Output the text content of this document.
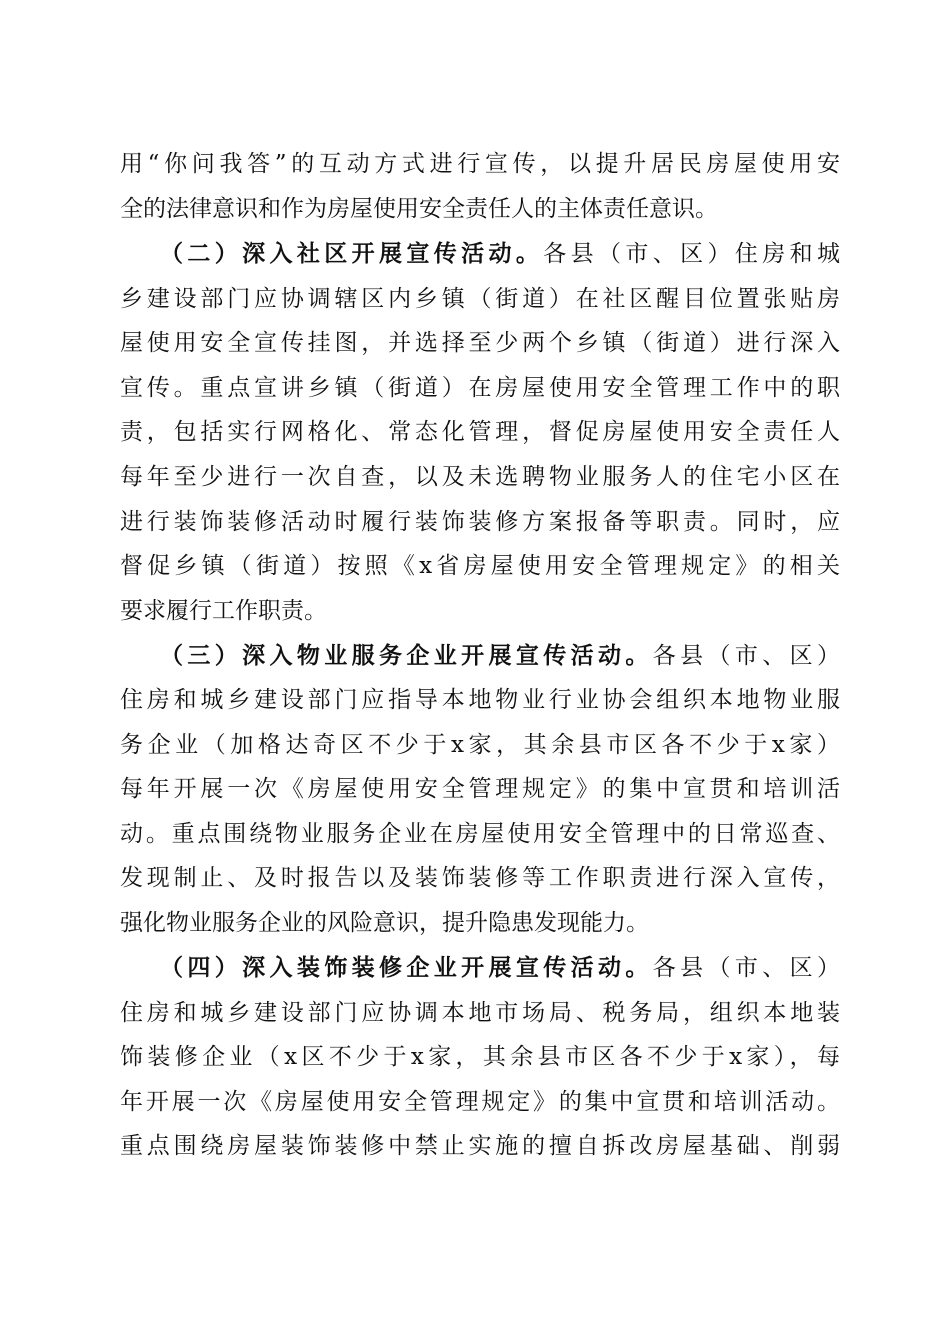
用“你问我答”的互动方式进行宣传，以提升居民房屋使用安
全的法律意识和作为房屋使用安全责任人的主体责任意识。
（二）深入社区开展宣传活动。各县（市、区）住房和城
乡建设部门应协调辖区内乡镇（街道）在社区醒目位置张贴房
屋使用安全宣传挂图，并选择至少两个乡镇（街道）进行深入
宣传。重点宣讲乡镇（街道）在房屋使用安全管理工作中的职
责，包括实行网格化、常态化管理，督促房屋使用安全责任人
每年至少进行一次自查，以及未选聘物业服务人的住宅小区在
进行装饰装修活动时履行装饰装修方案报备等职责。同时，应
督促乡镇（街道）按照《x省房屋使用安全管理规定》的相关
要求履行工作职责。
（三）深入物业服务企业开展宣传活动。各县（市、区）
住房和城乡建设部门应指导本地物业行业协会组织本地物业服
务企业（加格达奇区不少于x家，其余县市区各不少于x家）
每年开展一次《房屋使用安全管理规定》的集中宣贯和培训活
动。重点围绕物业服务企业在房屋使用安全管理中的日常巡查、
发现制止、及时报告以及装饰装修等工作职责进行深入宣传，
强化物业服务企业的风险意识，提升隐患发现能力。
（四）深入装饰装修企业开展宣传活动。各县（市、区）
住房和城乡建设部门应协调本地市场局、税务局，组织本地装
饰装修企业（x区不少于x家，其余县市区各不少于x家），每
年开展一次《房屋使用安全管理规定》的集中宣贯和培训活动。
重点围绕房屋装饰装修中禁止实施的擅自拆改房屋基础、削弱
